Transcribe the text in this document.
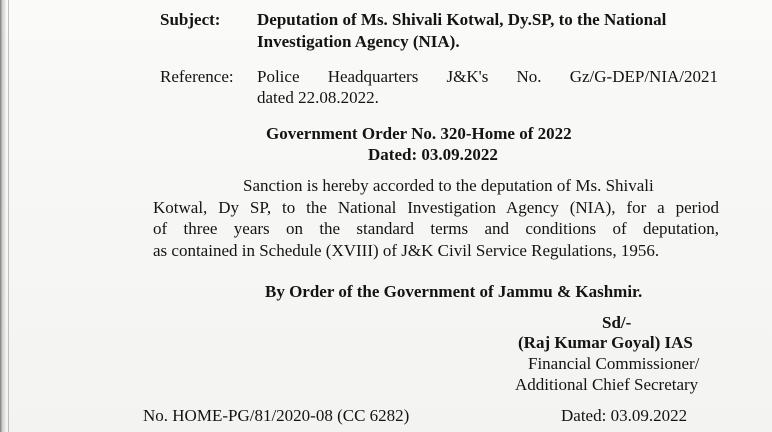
Subject: Deputation of Ms. Shivali Kotwal, Dy.SP, to the National
Investigation Agency (NIA).
Reference: Police Headquarters J&K's No. Gz/G-DEP/NIA/2021
dated 22.08.2022.
Government Order No. 320-Home of 2022
Dated: 03.09.2022
Sanction is hereby accorded to the deputation of Ms. Shivali
Kotwal, Dy SP, to the National Investigation Agency (NIA), for a period
of three years on the standard terms and conditions of deputation,
as contained in Schedule (XVIII) of J&K Civil Service Regulations, 1956.
By Order of the Government of Jammu & Kashmir.
Sd/-
(Raj Kumar Goyal) IAS
Financial Commissioner/
Additional Chief Secretary
No. HOME-PG/81/2020-08 (CC 6282)	Dated: 03.09.2022
